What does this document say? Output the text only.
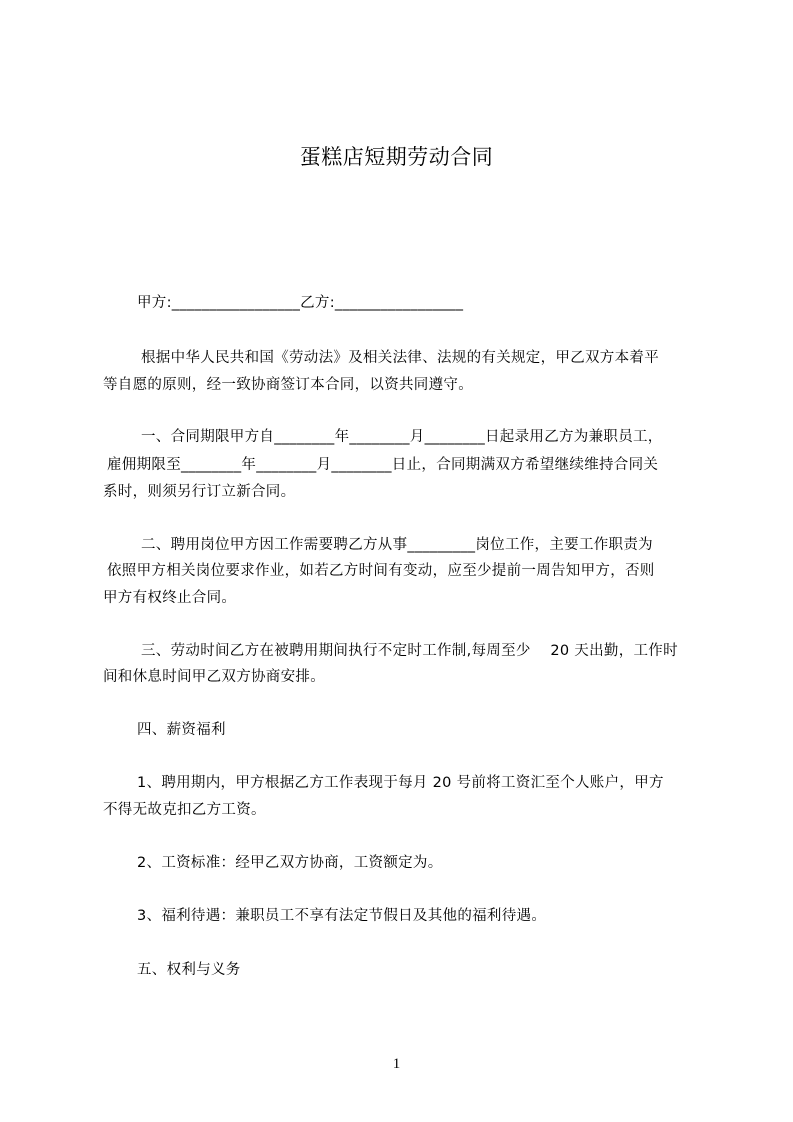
蛋糕店短期劳动合同
甲方:_________________乙方:_________________
根据中华人民共和国《劳动法》及相关法律、法规的有关规定，甲乙双方本着平
等自愿的原则，经一致协商签订本合同，以资共同遵守。
一、合同期限甲方自________年________月________日起录用乙方为兼职员工，
雇佣期限至________年________月________日止，合同期满双方希望继续维持合同关
系时，则须另行订立新合同。
二、聘用岗位甲方因工作需要聘乙方从事_________岗位工作，主要工作职责为
依照甲方相关岗位要求作业，如若乙方时间有变动，应至少提前一周告知甲方，否则
甲方有权终止合同。
三、劳动时间乙方在被聘用期间执行不定时工作制,每周至少    20 天出勤，工作时
间和休息时间甲乙双方协商安排。
四、薪资福利
1、聘用期内，甲方根据乙方工作表现于每月 20 号前将工资汇至个人账户，甲方
不得无故克扣乙方工资。
2、工资标准：经甲乙双方协商，工资额定为。
3、福利待遇：兼职员工不享有法定节假日及其他的福利待遇。
五、权利与义务
1
